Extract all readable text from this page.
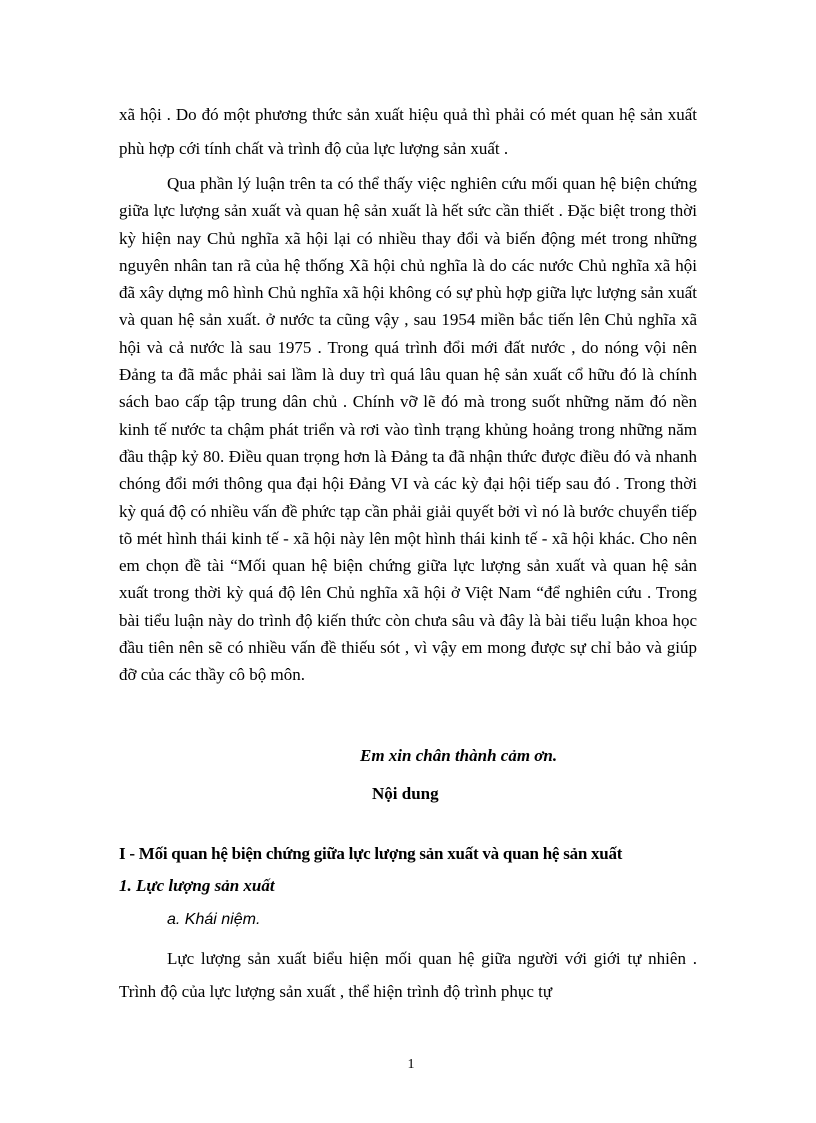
xã hội . Do đó một phương thức sản xuất hiệu quả thì phải có mét quan hệ sản xuất phù hợp cới tính chất và trình độ của lực lượng sản xuất .

Qua phần lý luận trên ta có thể thấy việc nghiên cứu mối quan hệ biện chứng giữa lực lượng sản xuất và quan hệ sản xuất là hết sức cần thiết . Đặc biệt trong thời kỳ hiện nay Chủ nghĩa xã hội lại có nhiều thay đổi và biến động mét trong những nguyên nhân tan rã của hệ thống Xã hội chủ nghĩa là do các nước Chủ nghĩa xã hội đã xây dựng mô hình Chủ nghĩa xã hội không có sự phù hợp giữa lực lượng sản xuất và quan hệ sản xuất. ở nước ta cũng vậy , sau 1954 miền bắc tiến lên Chủ nghĩa xã hội và cả nước là sau 1975 . Trong quá trình đổi mới đất nước , do nóng vội nên Đảng ta đã mắc phải sai lầm là duy trì quá lâu quan hệ sản xuất cổ hữu đó là chính sách bao cấp tập trung dân chủ . Chính vỡ lẽ đó mà trong suốt những năm đó nền kinh tế nước ta chậm phát triển và rơi vào tình trạng khủng hoảng trong những năm đầu thập kỷ 80. Điều quan trọng hơn là Đảng ta đã nhận thức được điều đó và nhanh chóng đổi mới thông qua đại hội Đảng VI và các kỳ đại hội tiếp sau đó . Trong thời kỳ quá độ có nhiều vấn đề phức tạp cần phải giải quyết bởi vì nó là bước chuyển tiếp tõ mét hình thái kinh tế - xã hội này lên một hình thái kinh tế - xã hội khác. Cho nên em chọn đề tài “Mối quan hệ biện chứng giữa lực lượng sản xuất và quan hệ sản xuất trong thời kỳ quá độ lên Chủ nghĩa xã hội ở Việt Nam “để nghiên cứu . Trong bài tiểu luận này do trình độ kiến thức còn chưa sâu và đây là bài tiểu luận khoa học đầu tiên nên sẽ có nhiều vấn đề thiếu sót , vì vậy em mong được sự chỉ bảo và giúp đỡ của các thầy cô bộ môn.

Em xin chân thành cảm ơn.

Nội dung

I - Mối quan hệ biện chứng giữa lực lượng sản xuất và quan hệ sản xuất

1. Lực lượng sản xuất

a. Khái niệm.

Lực lượng sản xuất biểu hiện mối quan hệ giữa người với giới tự nhiên . Trình độ của lực lượng sản xuất , thể hiện trình độ trình phục tự

1
